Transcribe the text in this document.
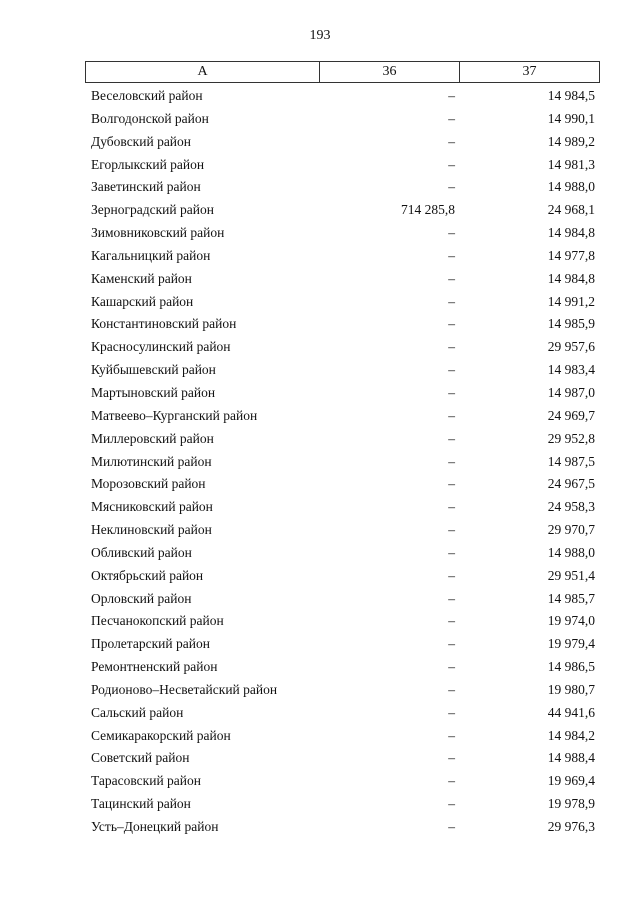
193
A	36	37
Веселовский район	–	14 984,5
Волгодонской район	–	14 990,1
Дубовский район	–	14 989,2
Егорлыкский район	–	14 981,3
Заветинский район	–	14 988,0
Зерноградский район	714 285,8	24 968,1
Зимовниковский район	–	14 984,8
Кагальницкий район	–	14 977,8
Каменский район	–	14 984,8
Кашарский район	–	14 991,2
Константиновский район	–	14 985,9
Красносулинский район	–	29 957,6
Куйбышевский район	–	14 983,4
Мартыновский район	–	14 987,0
Матвеево–Курганский район	–	24 969,7
Миллеровский район	–	29 952,8
Милютинский район	–	14 987,5
Морозовский район	–	24 967,5
Мясниковский район	–	24 958,3
Неклиновский район	–	29 970,7
Обливский район	–	14 988,0
Октябрьский район	–	29 951,4
Орловский район	–	14 985,7
Песчанокопский район	–	19 974,0
Пролетарский район	–	19 979,4
Ремонтненский район	–	14 986,5
Родионово–Несветайский район	–	19 980,7
Сальский район	–	44 941,6
Семикаракорский район	–	14 984,2
Советский район	–	14 988,4
Тарасовский район	–	19 969,4
Тацинский район	–	19 978,9
Усть–Донецкий район	–	29 976,3
